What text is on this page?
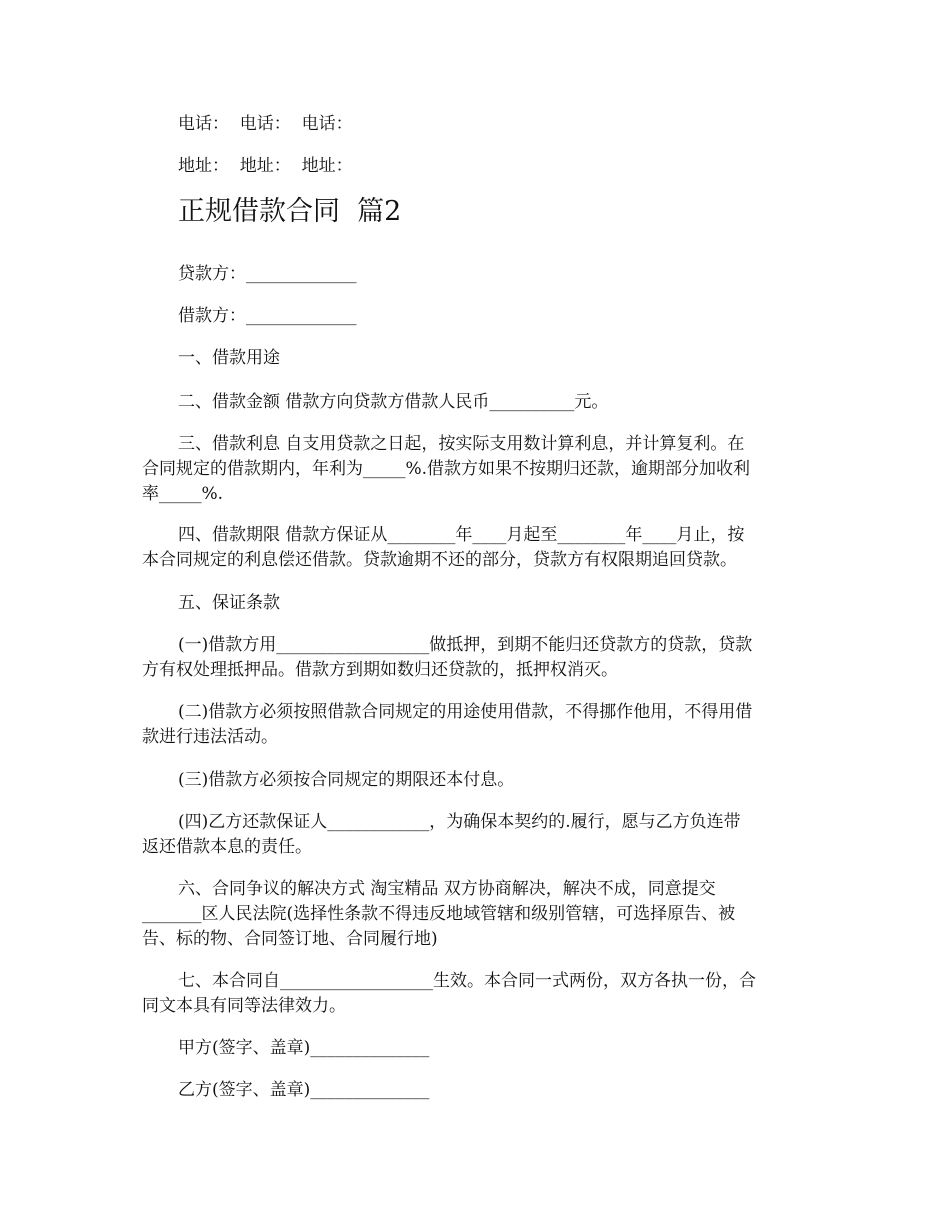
电话：  电话：  电话：
地址：  地址：  地址：
正规借款合同  篇2
贷款方：_____________
借款方：_____________
一、借款用途
二、借款金额 借款方向贷款方借款人民币__________元。
三、借款利息 自支用贷款之日起，按实际支用数计算利息，并计算复利。在
合同规定的借款期内，年利为_____%.借款方如果不按期归还款，逾期部分加收利
率_____%.
四、借款期限 借款方保证从________年____月起至________年____月止，按
本合同规定的利息偿还借款。贷款逾期不还的部分，贷款方有权限期追回贷款。
五、保证条款
(一)借款方用__________________做抵押，到期不能归还贷款方的贷款，贷款
方有权处理抵押品。借款方到期如数归还贷款的，抵押权消灭。
(二)借款方必须按照借款合同规定的用途使用借款，不得挪作他用，不得用借
款进行违法活动。
(三)借款方必须按合同规定的期限还本付息。
(四)乙方还款保证人____________，为确保本契约的.履行，愿与乙方负连带
返还借款本息的责任。
六、合同争议的解决方式 淘宝精品 双方协商解决，解决不成，同意提交
_______区人民法院(选择性条款不得违反地域管辖和级别管辖，可选择原告、被
告、标的物、合同签订地、合同履行地)
七、本合同自__________________生效。本合同一式两份，双方各执一份，合
同文本具有同等法律效力。
甲方(签字、盖章)______________
乙方(签字、盖章)______________
